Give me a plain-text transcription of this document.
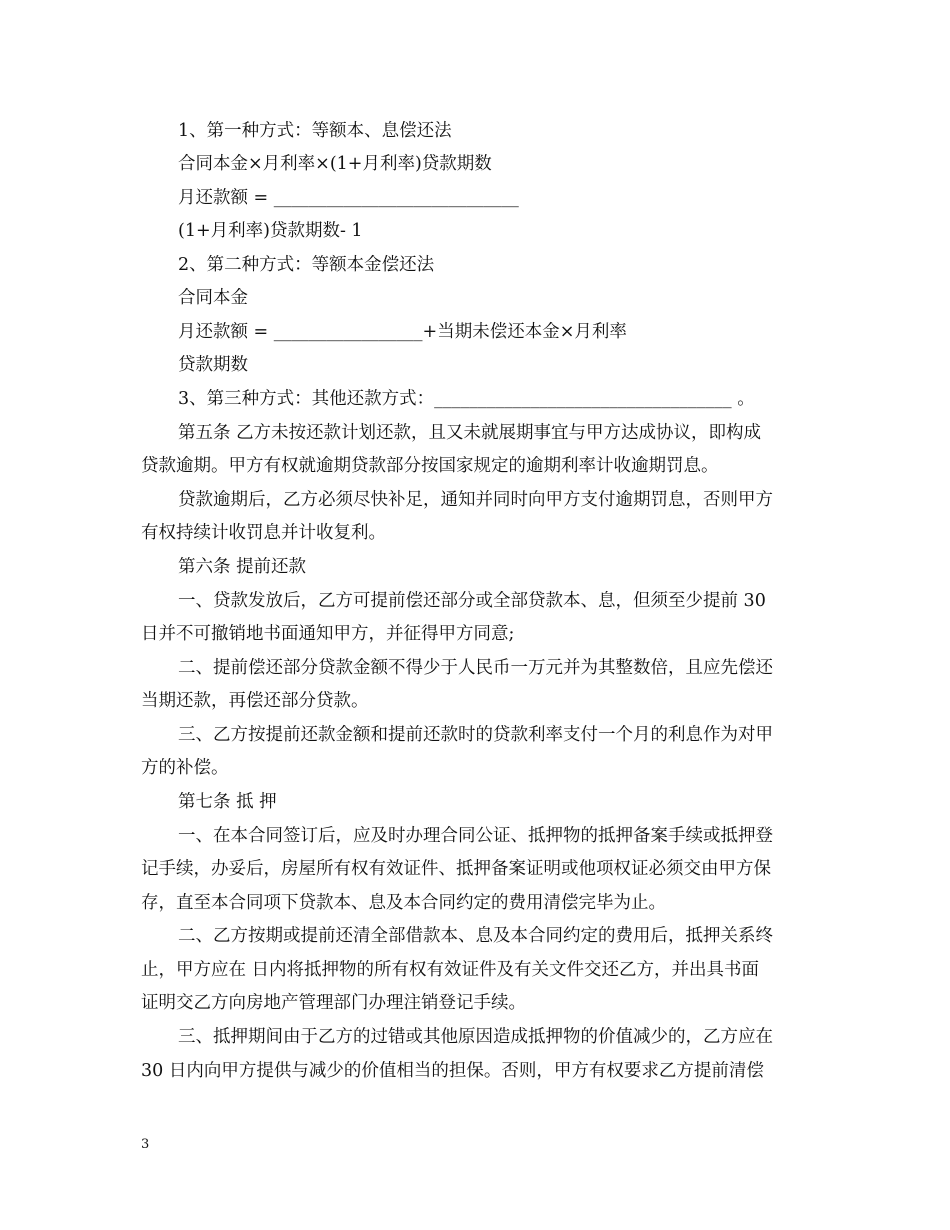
1、第一种方式：等额本、息偿还法
合同本金×月利率×(1+月利率)贷款期数
月还款额 = ____________________________
(1+月利率)贷款期数- 1
2、第二种方式：等额本金偿还法
合同本金
月还款额 = _________________+当期未偿还本金×月利率
贷款期数
3、第三种方式：其他还款方式：__________________________________ 。
第五条 乙方未按还款计划还款，且又未就展期事宜与甲方达成协议，即构成
贷款逾期。甲方有权就逾期贷款部分按国家规定的逾期利率计收逾期罚息。
贷款逾期后，乙方必须尽快补足，通知并同时向甲方支付逾期罚息，否则甲方
有权持续计收罚息并计收复利。
第六条 提前还款
一、贷款发放后，乙方可提前偿还部分或全部贷款本、息，但须至少提前 30
日并不可撤销地书面通知甲方，并征得甲方同意;
二、提前偿还部分贷款金额不得少于人民币一万元并为其整数倍，且应先偿还
当期还款，再偿还部分贷款。
三、乙方按提前还款金额和提前还款时的贷款利率支付一个月的利息作为对甲
方的补偿。
第七条 抵 押
一、在本合同签订后，应及时办理合同公证、抵押物的抵押备案手续或抵押登
记手续，办妥后，房屋所有权有效证件、抵押备案证明或他项权证必须交由甲方保
存，直至本合同项下贷款本、息及本合同约定的费用清偿完毕为止。
二、乙方按期或提前还清全部借款本、息及本合同约定的费用后，抵押关系终
止，甲方应在 日内将抵押物的所有权有效证件及有关文件交还乙方，并出具书面
证明交乙方向房地产管理部门办理注销登记手续。
三、抵押期间由于乙方的过错或其他原因造成抵押物的价值减少的，乙方应在
30 日内向甲方提供与减少的价值相当的担保。否则，甲方有权要求乙方提前清偿
3
